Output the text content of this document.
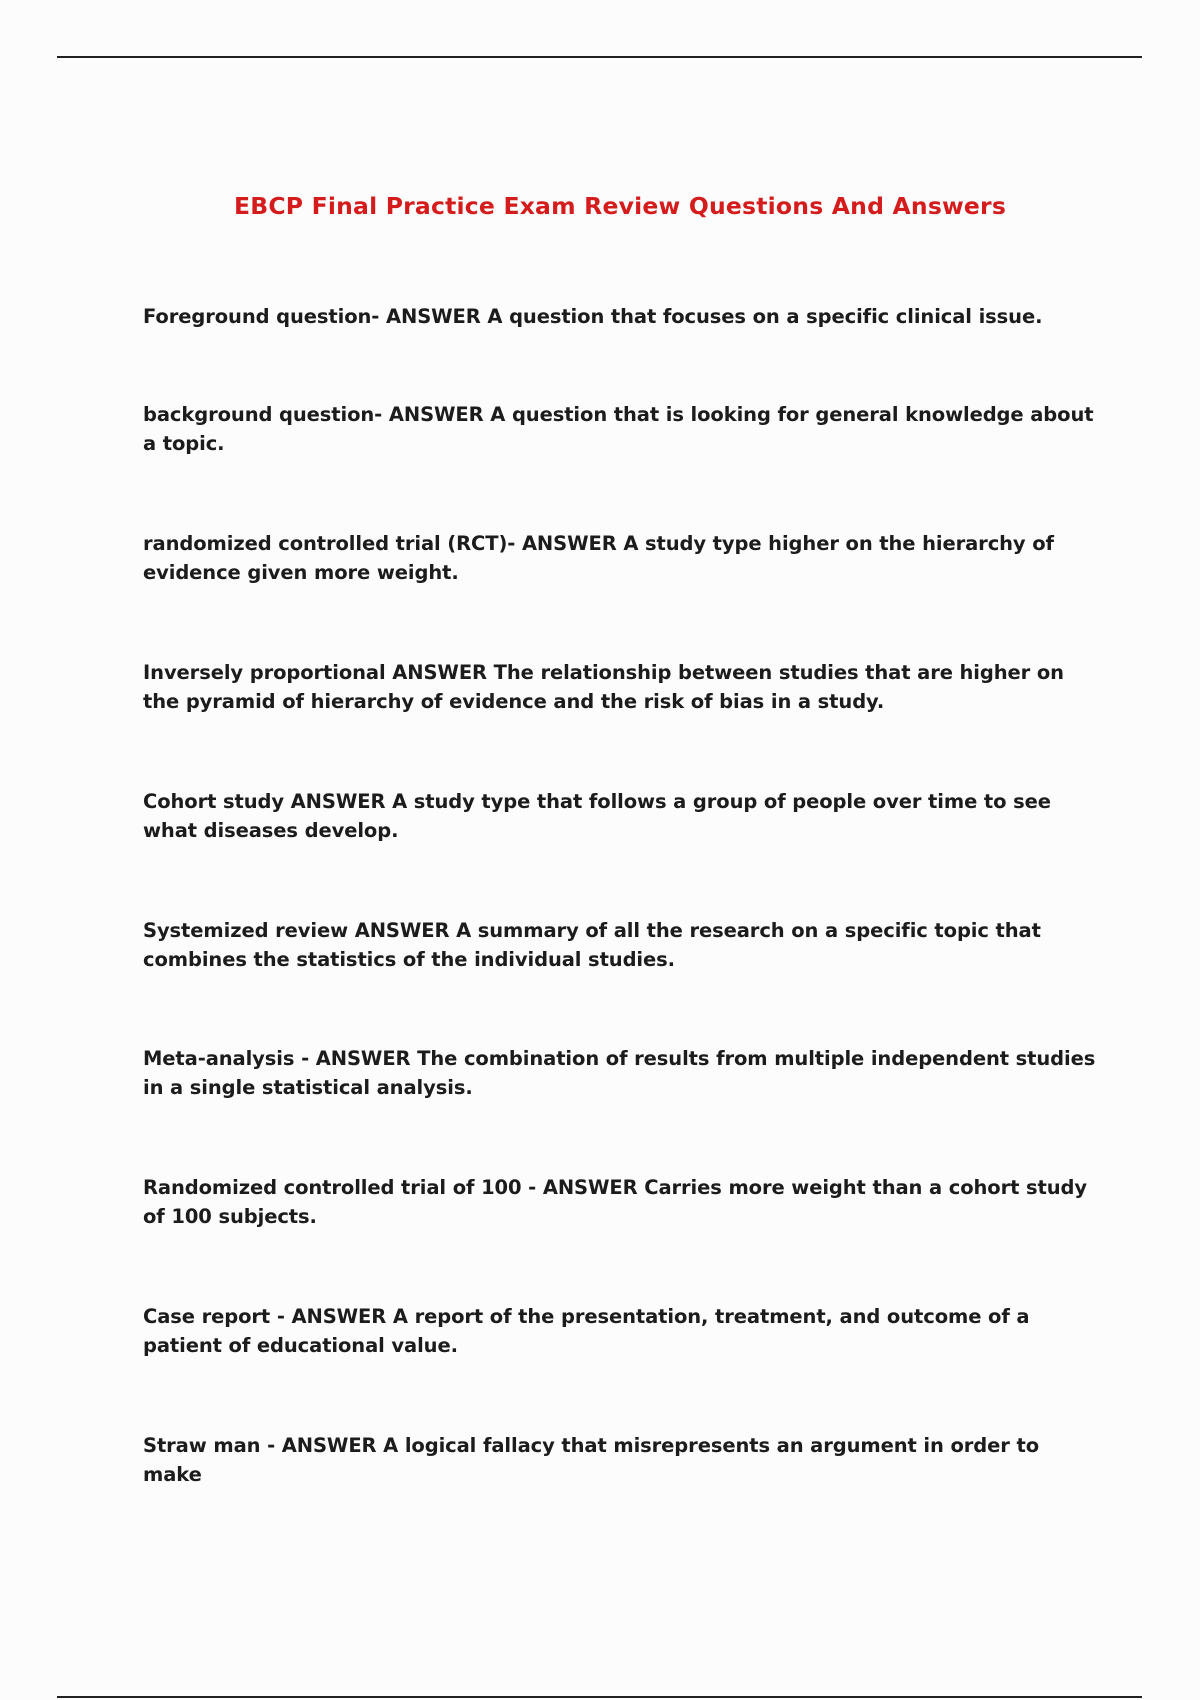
EBCP Final Practice Exam Review Questions And Answers

Foreground question- ANSWER A question that focuses on a specific clinical issue.

background question- ANSWER A question that is looking for general knowledge about a topic.

randomized controlled trial (RCT)- ANSWER A study type higher on the hierarchy of evidence given more weight.

Inversely proportional ANSWER The relationship between studies that are higher on the pyramid of hierarchy of evidence and the risk of bias in a study.

Cohort study ANSWER A study type that follows a group of people over time to see what diseases develop.

Systemized review ANSWER A summary of all the research on a specific topic that combines the statistics of the individual studies.

Meta-analysis - ANSWER The combination of results from multiple independent studies in a single statistical analysis.

Randomized controlled trial of 100 - ANSWER Carries more weight than a cohort study of 100 subjects.

Case report - ANSWER A report of the presentation, treatment, and outcome of a patient of educational value.

Straw man - ANSWER A logical fallacy that misrepresents an argument in order to make
